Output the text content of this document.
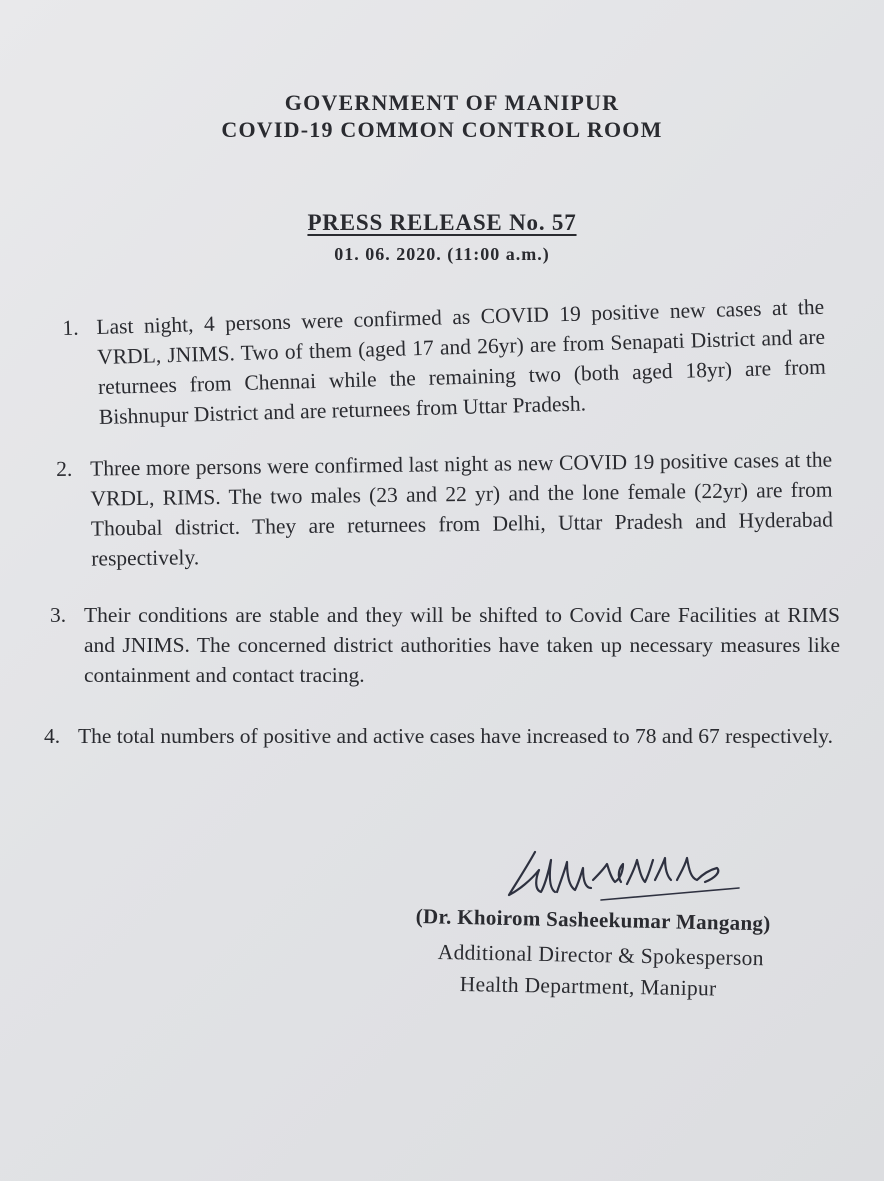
GOVERNMENT OF MANIPUR
COVID-19 COMMON CONTROL ROOM
PRESS RELEASE No. 57
01. 06. 2020. (11:00 a.m.)
1. Last night, 4 persons were confirmed as COVID 19 positive new cases at the VRDL, JNIMS. Two of them (aged 17 and 26yr) are from Senapati District and are returnees from Chennai while the remaining two (both aged 18yr) are from Bishnupur District and are returnees from Uttar Pradesh.
2. Three more persons were confirmed last night as new COVID 19 positive cases at the VRDL, RIMS. The two males (23 and 22 yr) and the lone female (22yr) are from Thoubal district. They are returnees from Delhi, Uttar Pradesh and Hyderabad respectively.
3. Their conditions are stable and they will be shifted to Covid Care Facilities at RIMS and JNIMS. The concerned district authorities have taken up necessary measures like containment and contact tracing.
4. The total numbers of positive and active cases have increased to 78 and 67 respectively.
(Dr. Khoirom Sasheekumar Mangang)
Additional Director & Spokesperson
Health Department, Manipur
